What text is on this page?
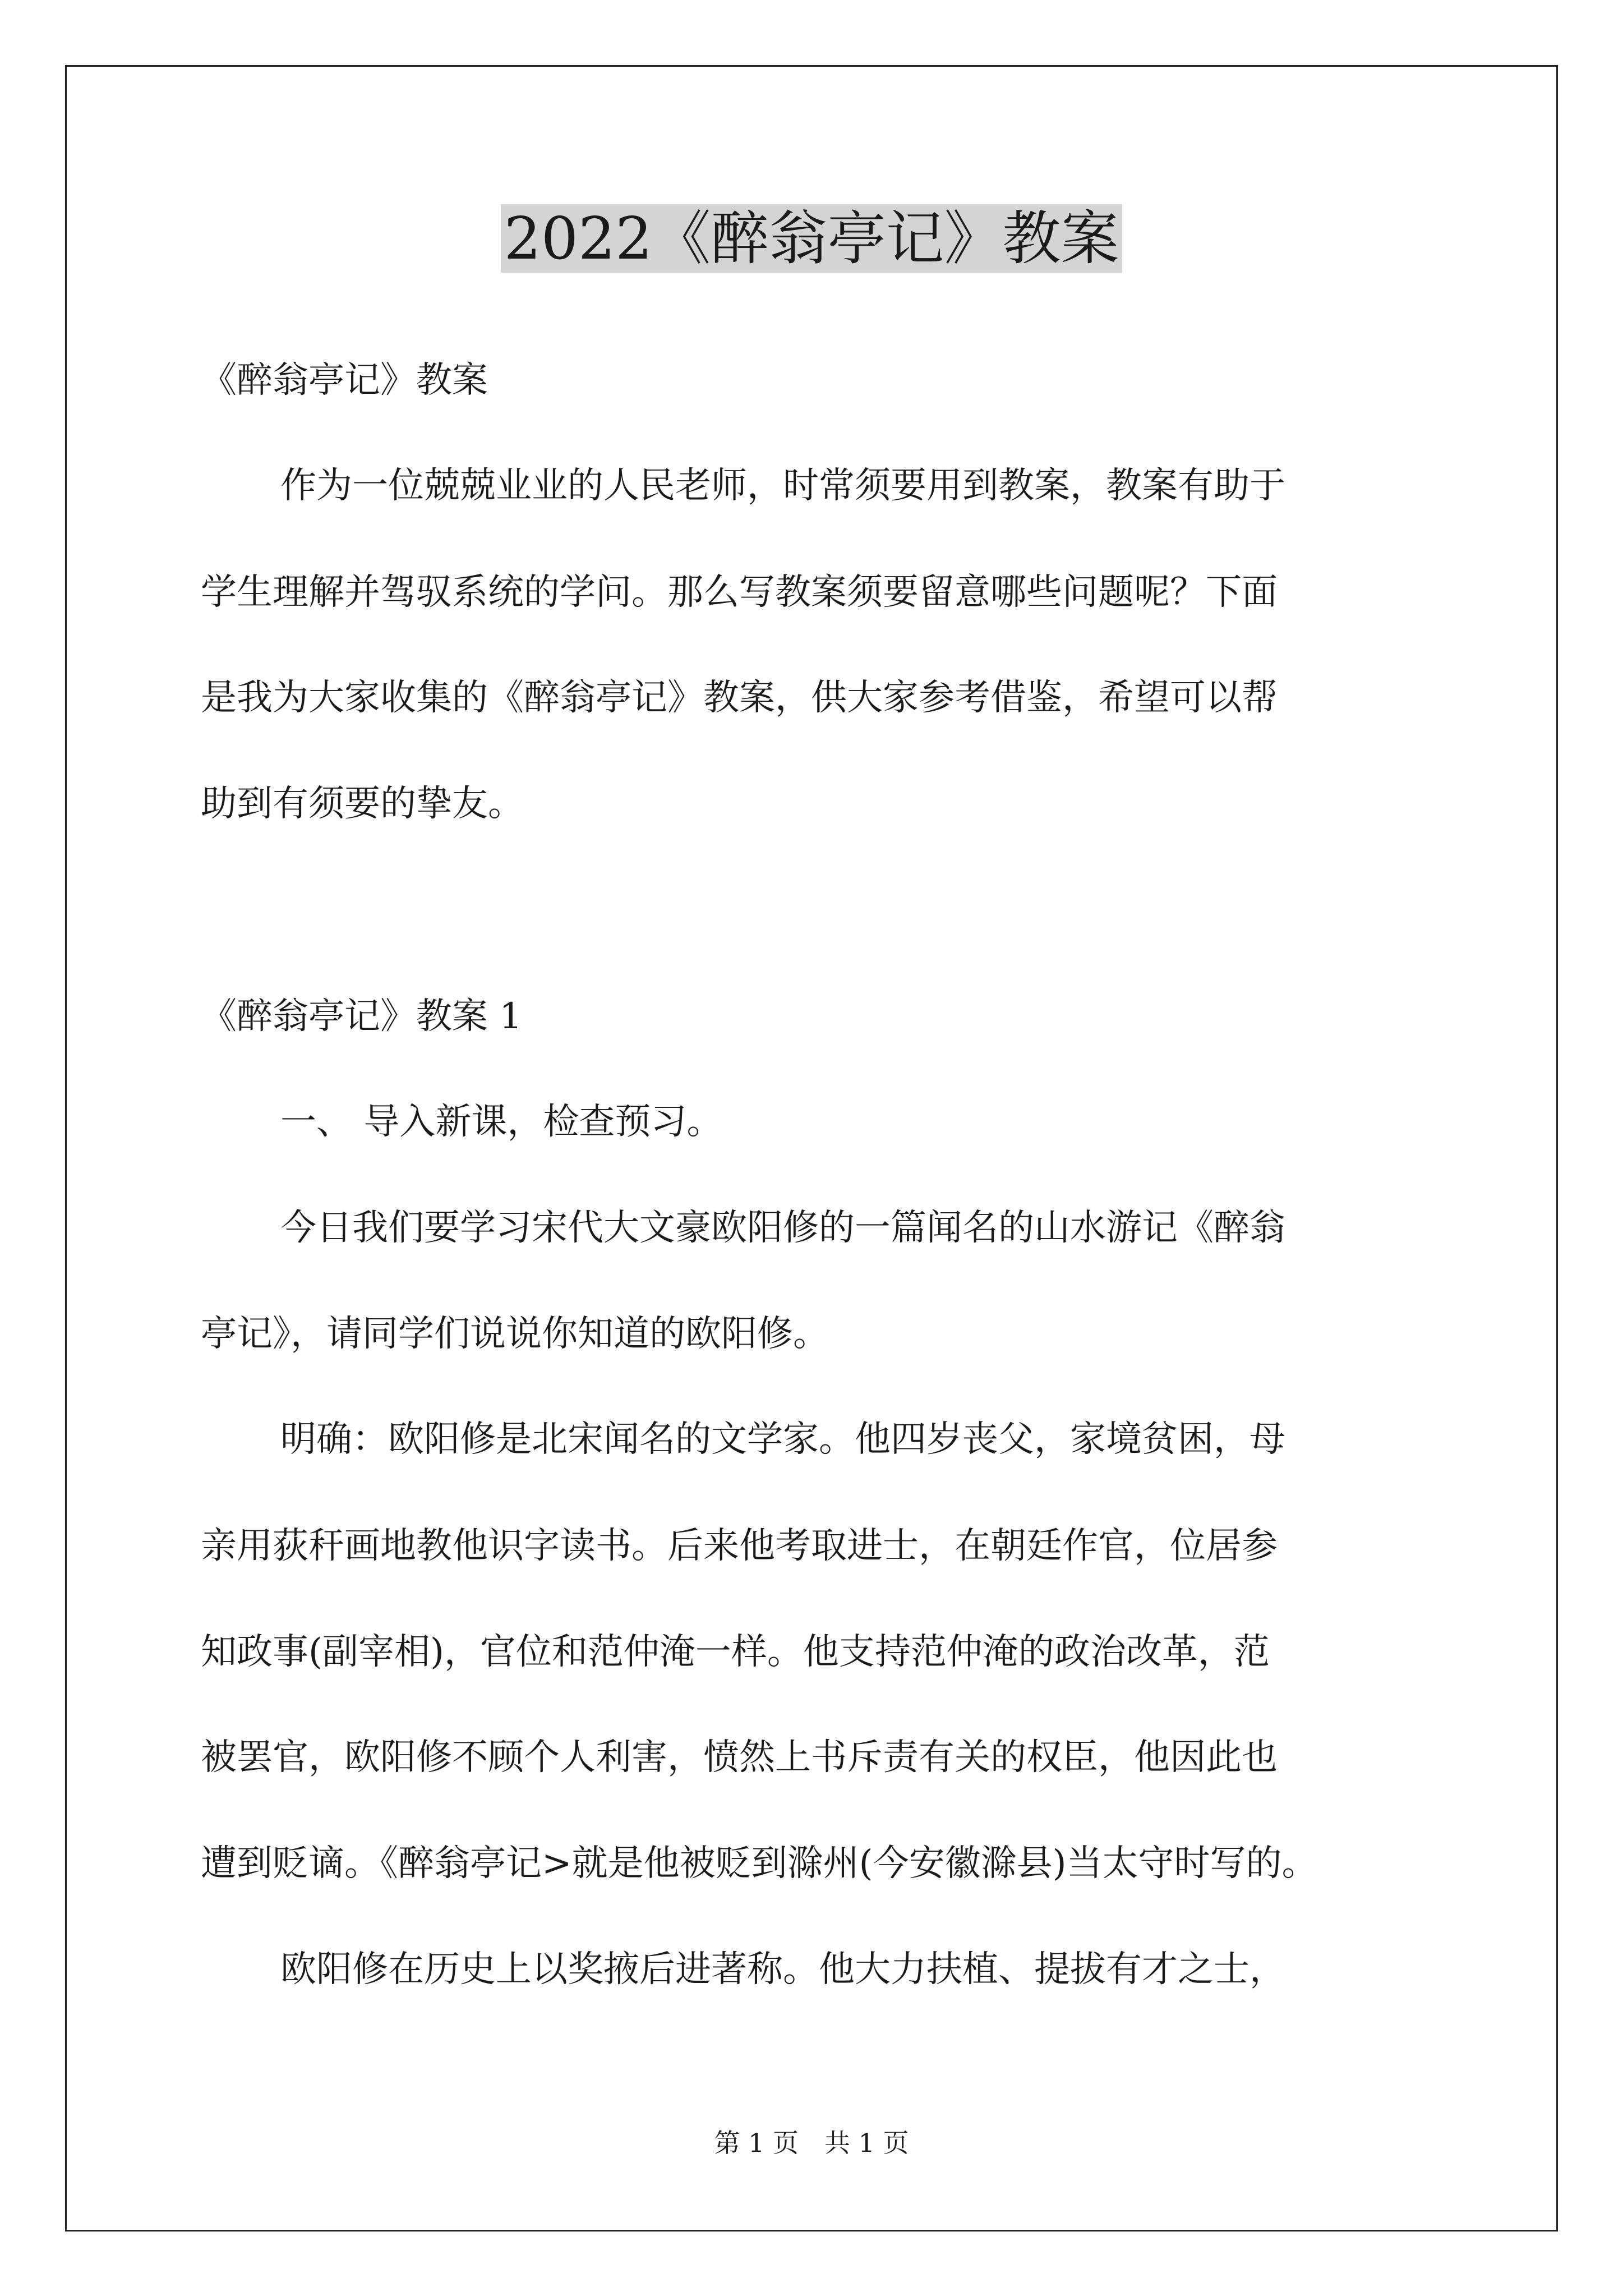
2022《醉翁亭记》教案
《醉翁亭记》教案
作为一位兢兢业业的人民老师，时常须要用到教案，教案有助于
学生理解并驾驭系统的学问。那么写教案须要留意哪些问题呢？下面
是我为大家收集的《醉翁亭记》教案，供大家参考借鉴，希望可以帮
助到有须要的挚友。
《醉翁亭记》教案 1
一、 导入新课，检查预习。
今日我们要学习宋代大文豪欧阳修的一篇闻名的山水游记《醉翁
亭记》，请同学们说说你知道的欧阳修。
明确：欧阳修是北宋闻名的文学家。他四岁丧父，家境贫困，母
亲用荻秆画地教他识字读书。后来他考取进士，在朝廷作官，位居参
知政事(副宰相)，官位和范仲淹一样。他支持范仲淹的政治改革，范
被罢官，欧阳修不顾个人利害，愤然上书斥责有关的权臣，他因此也
遭到贬谪。《醉翁亭记>就是他被贬到滁州(今安徽滁县)当太守时写的。
欧阳修在历史上以奖掖后进著称。他大力扶植、提拔有才之士，
第 1 页　共 1 页
